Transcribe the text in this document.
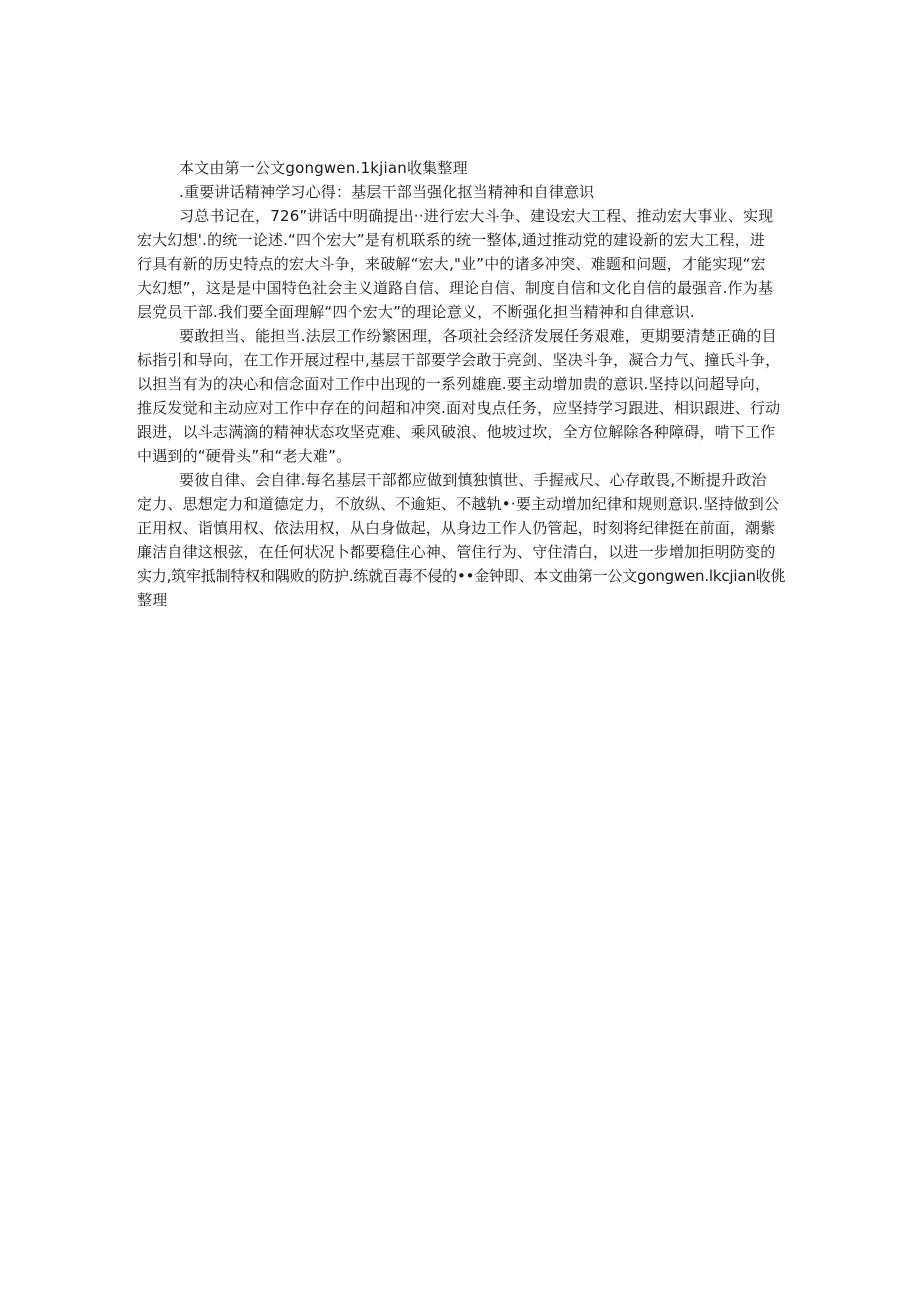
本文由第一公文gongwen.1kjian收集整理
.重要讲话精神学习心得：基层干部当强化抠当精神和自律意识
习总书记在，726”讲话中明确提出··进行宏大斗争、建设宏大工程、推动宏大事业、实现
宏大幻想'.的统一论述.“四个宏大”是有机联系的统一整体,通过推动党的建设新的宏大工程，进
行具有新的历史特点的宏大斗争，来破解“宏大,"业”中的诸多冲突、难题和问题，才能实现“宏
大幻想”，这是是中国特色社会主义道路自信、理论自信、制度自信和文化自信的最强音.作为基
层党员干部.我们要全面理解“四个宏大”的理论意义，不断强化担当精神和自律意识.
要敢担当、能担当.法层工作纷繁困理，各项社会经济发展任务艰难，更期要清楚正确的目
标指引和导向，在工作开展过程中,基层干部要学会敢于亮剑、坚决斗争，凝合力气、撞氏斗争，
以担当有为的决心和信念面对工作中出现的一系列雄鹿.要主动增加贵的意识.坚持以问超导向，
推反发觉和主动应对工作中存在的问超和冲突.面对曳点任务，应坚持学习跟进、相识跟进、行动
跟进，以斗志满滴的精神状态攻坚克难、乘风破浪、他坡过坎，全方位解除各种障碍，啃下工作
中遇到的“硬骨头”和“老大难”。
要彼自律、会自律.每名基层干部都应做到慎独慎世、手握戒尺、心存敢畏,不断提升政治
定力、思想定力和道德定力，不放纵、不逾矩、不越轨•·要主动增加纪律和规则意识.坚持做到公
正用权、诣慎用权、依法用权，从白身做起，从身边工作人仍管起，时刻将纪律挺在前面，潮紫
廉洁自律这根弦，在任何状况卜都要稳住心神、管住行为、守住清白，以进一步增加拒明防变的
实力,筑牢抵制特权和隅败的防护.练就百毒不侵的••金钟即、本文曲第一公文gongwen.lkcjian收佻
整理
